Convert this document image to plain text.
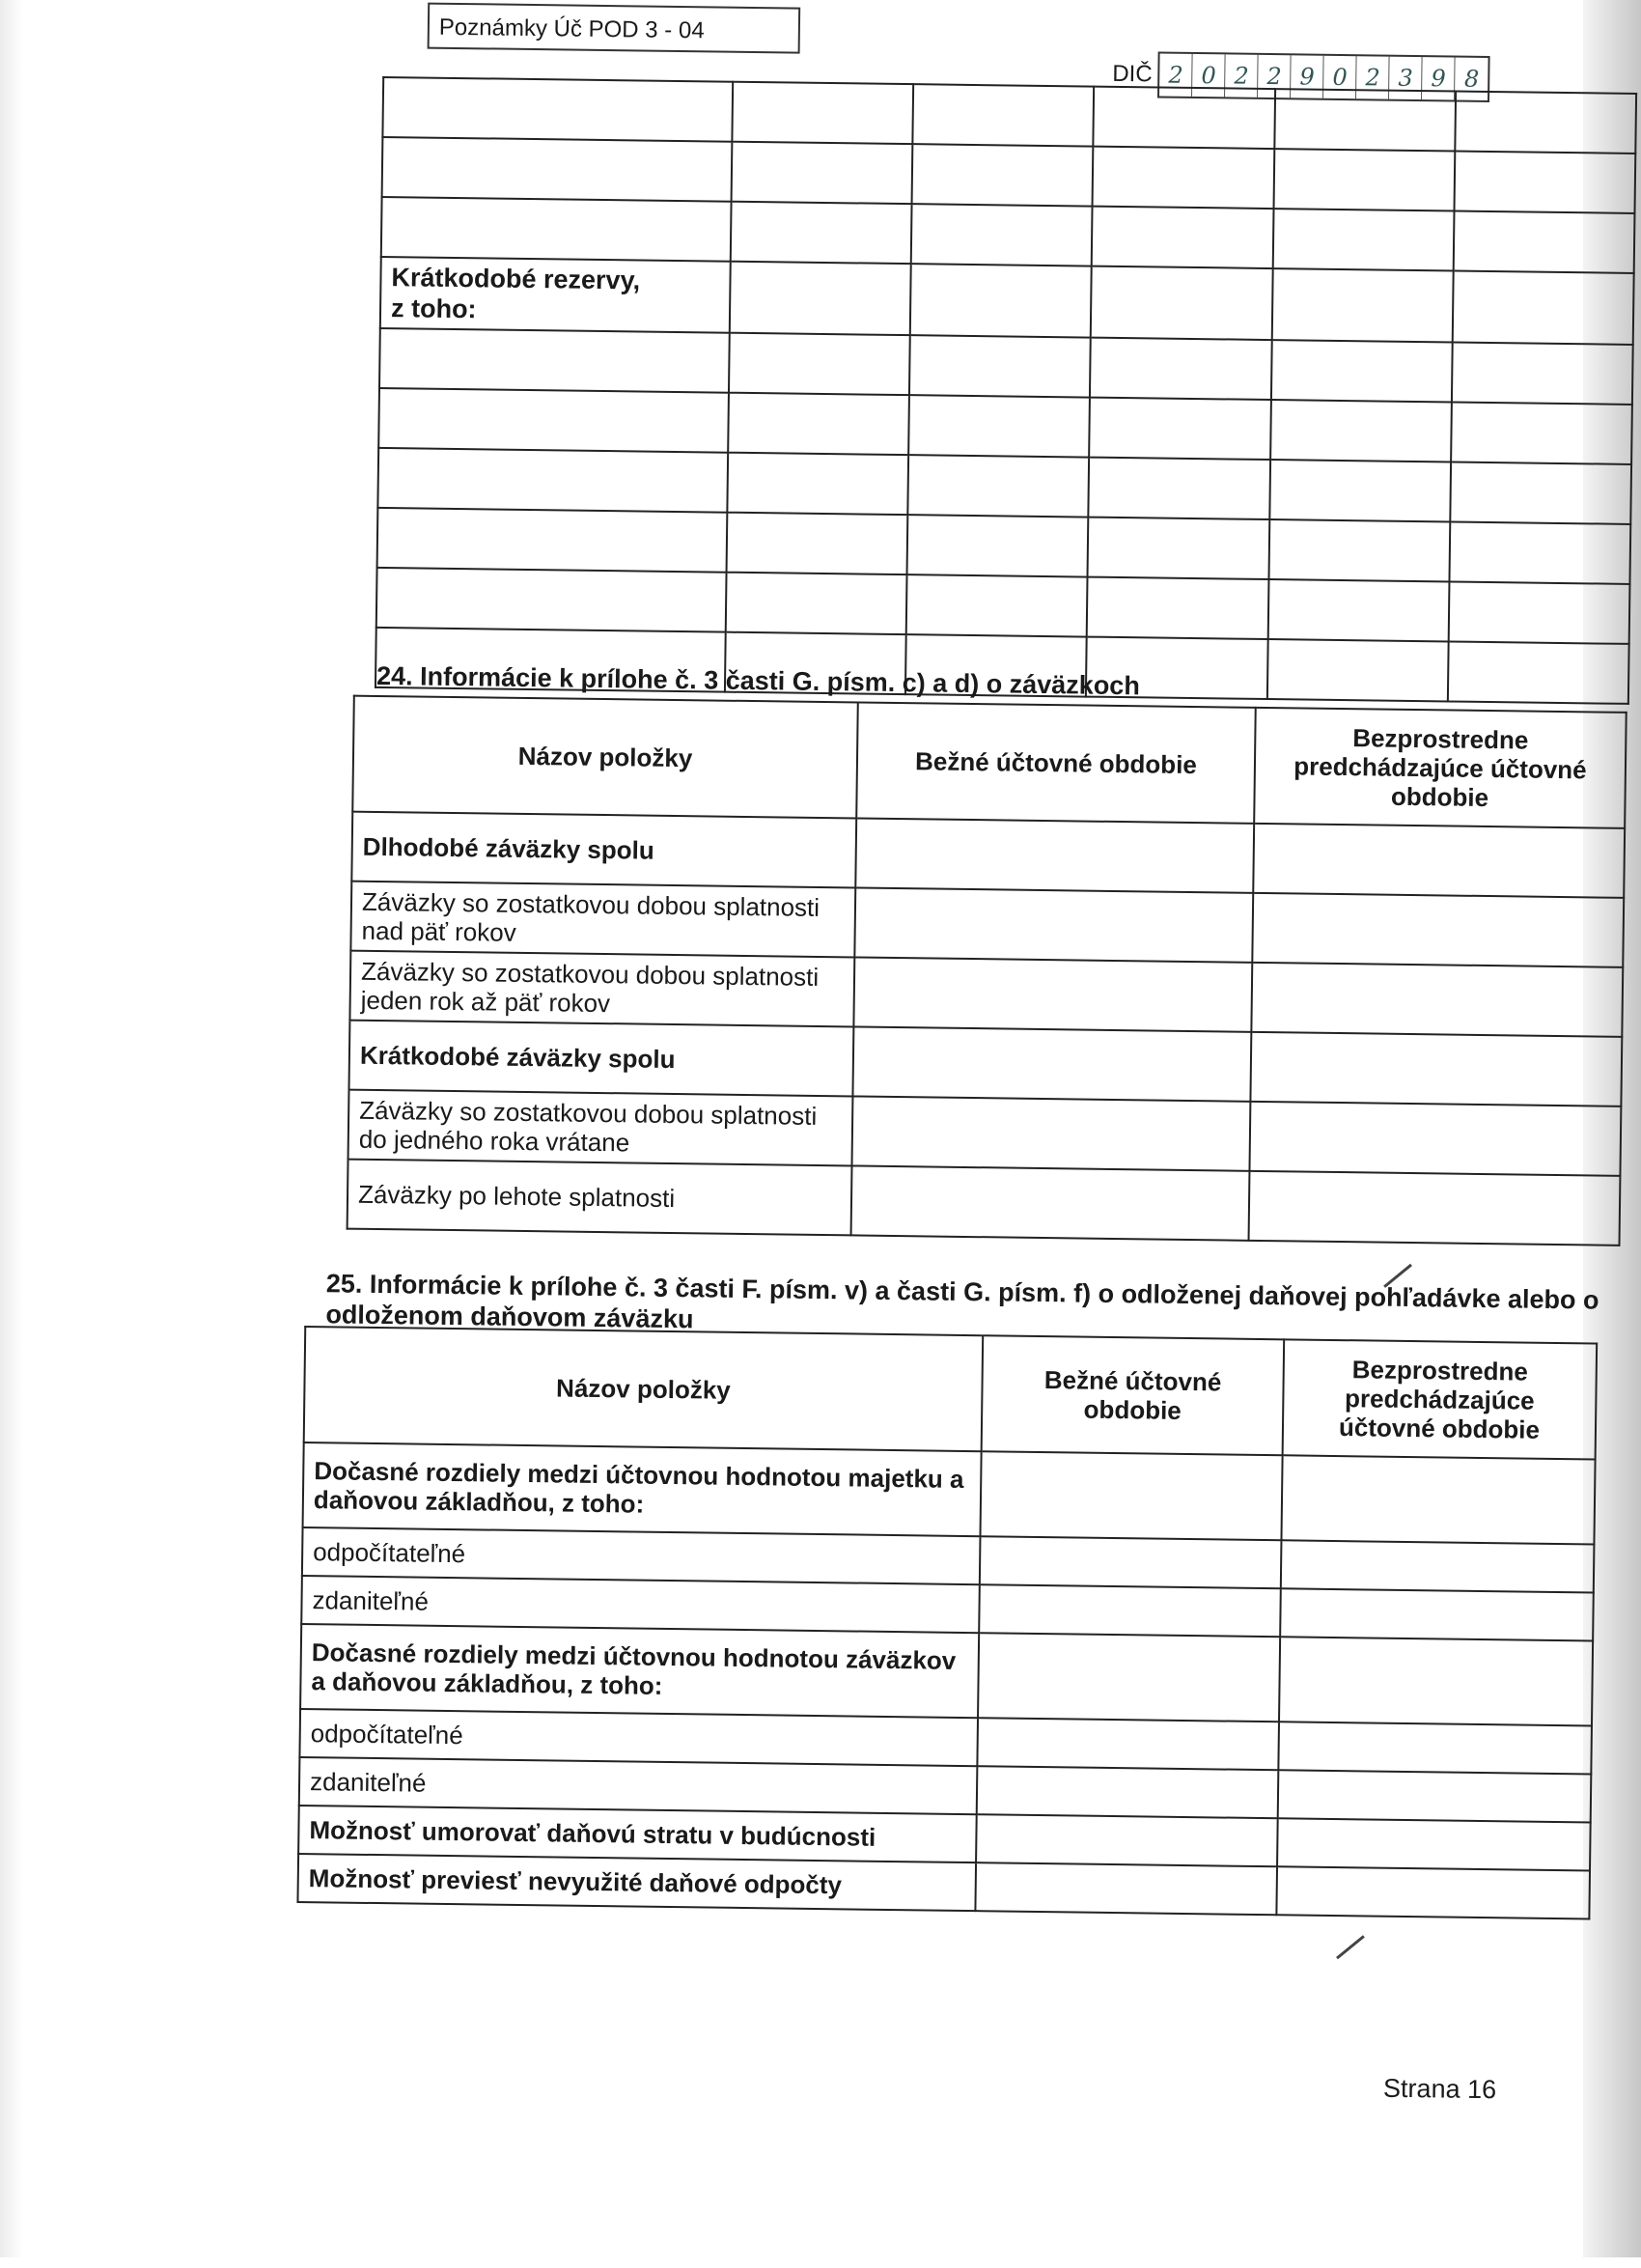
Poznámky Úč POD 3 - 04
DIČ 2 0 2 2 9 0 2 3 9 8

Krátkodobé rezervy,
z toho:					

24. Informácie k prílohe č. 3 časti G. písm. c) a d) o záväzkoch
Názov položky	Bežné účtovné obdobie	Bezprostredne predchádzajúce účtovné obdobie
Dlhodobé záväzky spolu		
Záväzky so zostatkovou dobou splatnosti nad päť rokov		
Záväzky so zostatkovou dobou splatnosti jeden rok až päť rokov		
Krátkodobé záväzky spolu		
Záväzky so zostatkovou dobou splatnosti do jedného roka vrátane		
Záväzky po lehote splatnosti		
25. Informácie k prílohe č. 3 časti F. písm. v) a časti G. písm. f) o odloženej daňovej pohľadávke alebo o odloženom daňovom záväzku
Názov položky	Bežné účtovné obdobie	Bezprostredne predchádzajúce účtovné obdobie
Dočasné rozdiely medzi účtovnou hodnotou majetku a daňovou základňou, z toho:		
odpočítateľné		
zdaniteľné		
Dočasné rozdiely medzi účtovnou hodnotou záväzkov a daňovou základňou, z toho:		
odpočítateľné		
zdaniteľné		
Možnosť umorovať daňovú stratu v budúcnosti		
Možnosť previesť nevyužité daňové odpočty		
Strana 16
